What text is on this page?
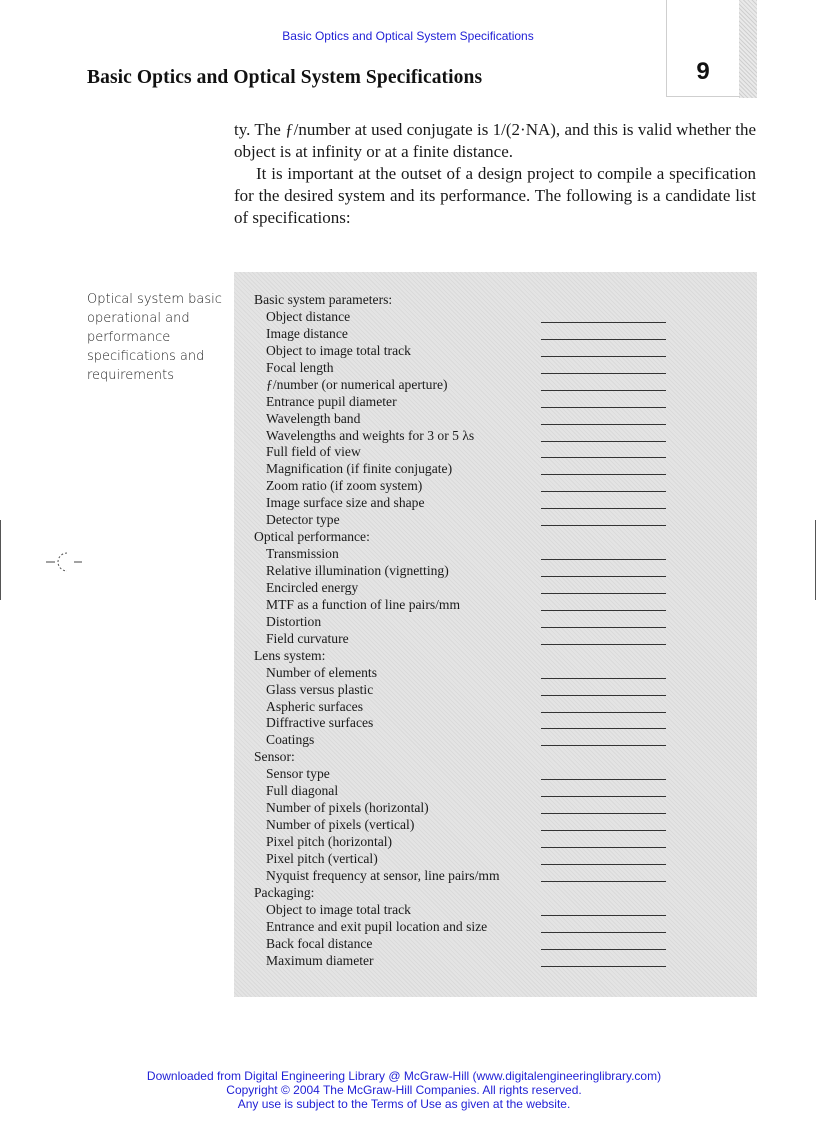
Basic Optics and Optical System Specifications
Basic Optics and Optical System Specifications	9

ty. The ƒ/number at used conjugate is 1/(2·NA), and this is valid whether the object is at infinity or at a finite distance.

It is important at the outset of a design project to compile a specification for the desired system and its performance. The following is a candidate list of specifications:

Optical system basic operational and performance specifications and requirements
Basic system parameters:
Object distance
Image distance
Object to image total track
Focal length
ƒ/number (or numerical aperture)
Entrance pupil diameter
Wavelength band
Wavelengths and weights for 3 or 5 λs
Full field of view
Magnification (if finite conjugate)
Zoom ratio (if zoom system)
Image surface size and shape
Detector type
Optical performance:
Transmission
Relative illumination (vignetting)
Encircled energy
MTF as a function of line pairs/mm
Distortion
Field curvature
Lens system:
Number of elements
Glass versus plastic
Aspheric surfaces
Diffractive surfaces
Coatings
Sensor:
Sensor type
Full diagonal
Number of pixels (horizontal)
Number of pixels (vertical)
Pixel pitch (horizontal)
Pixel pitch (vertical)
Nyquist frequency at sensor, line pairs/mm
Packaging:
Object to image total track
Entrance and exit pupil location and size
Back focal distance
Maximum diameter
Downloaded from Digital Engineering Library @ McGraw-Hill (www.digitalengineeringlibrary.com)
Copyright © 2004 The McGraw-Hill Companies. All rights reserved.
Any use is subject to the Terms of Use as given at the website.
